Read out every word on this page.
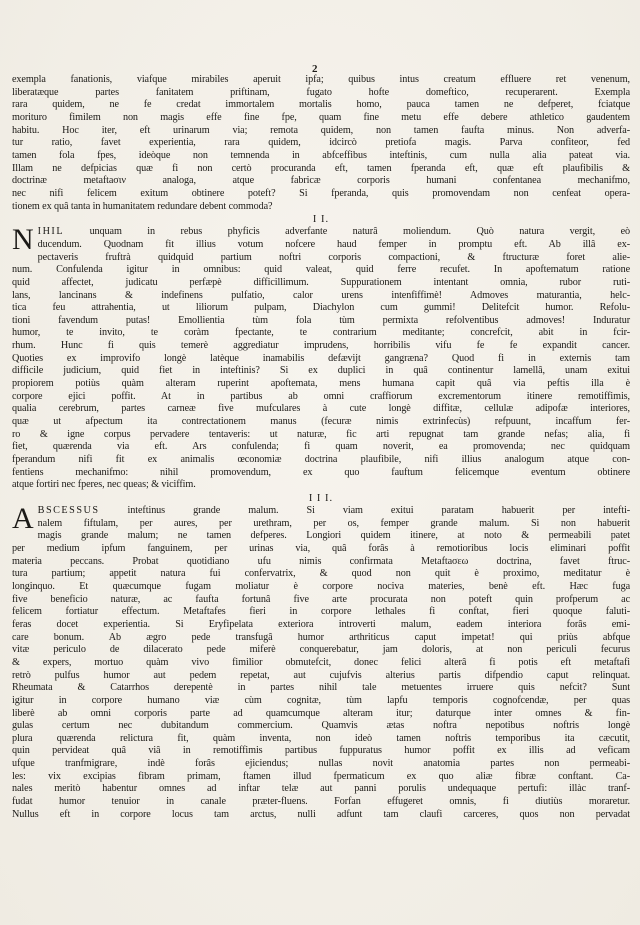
2

exempla fanationis, viafque mirabiles aperuit ipfa; quibus intus creatum effluere ret venenum,

liberatæque partes fanitatem priftinam, fugato hofte domeftico, recuperarent. Exempla

rara quidem, ne fe credat immortalem mortalis homo, pauca tamen ne defperet, fciatque

morituro fimilem non magis effe fine fpe, quam fine metu effe debere athletico gaudentem

habitu. Hoc iter, eft urinarum via; remota quidem, non tamen faufta minus. Non adverfa-

tur ratio, favet experientia, rara quidem, idcircò pretiofa magis. Parva confiteor, fed

tamen fola fpes, ideòque non temnenda in abfceffibus inteftinis, cum nulla alia pateat via.

Illam ne defpicias quæ fi non certò procuranda eft, tamen fperanda eft, quæ eft plaufibilis &

doctrinæ metaftaσιν analoga, atque fabricæ corporis humani confentanea mechanifmo,

nec nifi felicem exitum obtinere poteft? Si fperanda, quis promovendam non cenfeat opera-

tionem ex quâ tanta in humanitatem redundare debent commoda?

I I.

N IHIL unquam in rebus phyficis adverfante naturâ moliendum. Quò natura vergit, eò

ducendum. Quodnam fit illius votum nofcere haud femper in promptu eft. Ab illâ ex-

pectaveris fruftrà quidquid partium noftri corporis compactioni, & ftructuræ foret alie-

num. Confulenda igitur in omnibus: quid valeat, quid ferre recufet. In apoftematum ratione

quid affectet, judicatu perfæpè difficillimum. Suppurationem intentant omnia, rubor ruti-

lans, lancinans & indefinens pulfatio, calor urens intenfiffimè! Admoves maturantia, helc-

tica feu attrahentia, ut liliorum pulpam, Diachylon cum gummi! Delitefcit humor. Refolu-

tioni favendum putas! Emollientia tùm fola tùm permixta refolventibus admoves! Induratur

humor, te invito, te coràm fpectante, te contrarium meditante; concrefcit, abit in fcir-

rhum. Hunc fi quis temerè aggrediatur imprudens, horribilis vifu fe fe expandit cancer.

Quoties ex improvifo longè latèque inamabilis defævijt gangræna? Quod fi in externis tam

difficile judicium, quid fiet in inteftinis? Si ex duplici in quâ continentur lamellâ, unam exitui

propiorem potiùs quàm alteram ruperint apoftemata, mens humana capit quâ via peftis illa è

corpore ejici poffit. At in partibus ab omni craffiorum excrementorum itinere remotiffimis,

qualia cerebrum, partes carneæ five mufculares à cute longè diffitæ, cellulæ adipofæ interiores,

quæ ut afpectum ita contrectationem manus (fecuræ nimis extrinfecùs) refpuunt, incaffum fer-

ro & igne corpus pervadere tentaveris: ut naturæ, fic arti repugnat tam grande nefas; alia, fi

fiet, quærenda via eft. Ars confulenda; fi quam noverit, ea promovenda; nec quidquam

fperandum nifi fit ex animalis œconomiæ doctrina plaufibile, nifi illius analogum atque con-

fentiens mechanifmo: nihil promovendum, ex quo fauftum felicemque eventum obtinere

atque fortiri nec fperes, nec queas; & viciffim.

I I I.

A BSCESSUS inteftinus grande malum. Si viam exitui paratam habuerit per intefti-

nalem fiftulam, per aures, per urethram, per os, femper grande malum. Si non habuerit

magis grande malum; ne tamen defperes. Longiori quidem itinere, at noto & permeabili patet

per medium ipfum fanguinem, per urinas via, quâ forâs à remotioribus locis eliminari poffit

materia peccans. Probat quotidiano ufu nimis confirmata Metaftaσεω doctrina, favet ftruc-

tura partium; appetit natura fui confervatrix, & quod non quit è proximo, meditatur è

longinquo. Et quæcumque fugam moliatur è corpore nociva materies, benè eft. Hæc fuga

five beneficio naturæ, ac faufta fortunâ five arte procurata non poteft quin profperum ac

felicem fortiatur effectum. Metaftafes fieri in corpore lethales fi conftat, fieri quoque faluti-

feras docet experientia. Si Eryfipelata exteriora introverti malum, eadem interiora forâs emi-

care bonum. Ab ægro pede transfugâ humor arthriticus caput impetat! qui priùs abfque

vitæ periculo de dilacerato pede miferè conquerebatur, jam doloris, at non periculi fecurus

& expers, mortuo quàm vivo fimilior obmutefcit, donec felici alterâ fi potis eft metaftafi

retrò pulfus humor aut pedem repetat, aut cujufvis alterius partis difpendio caput relinquat.

Rheumata & Catarrhos derepentè in partes nihil tale metuentes irruere quis nefcit? Sunt

igitur in corpore humano viæ cùm cognitæ, tùm lapfu temporis cognofcendæ, per quas

liberè ab omni corporis parte ad quamcumque alteram itur; daturque inter omnes & fin-

gulas certum nec dubitandum commercium. Quamvis ætas noftra nepotibus noftris longè

plura quærenda relictura fit, quàm inventa, non ideò tamen noftris temporibus ita cæcutit,

quin pervideat quâ viâ in remotiffimis partibus fuppuratus humor poffit ex illis ad veficam

ufque tranfmigrare, indè forâs ejiciendus; nullas novit anatomia partes non permeabi-

les: vix excipias fibram primam, ftamen illud fpermaticum ex quo aliæ fibræ conftant. Ca-

nales meritò habentur omnes ad inftar telæ aut panni porulis undequaque pertufi: illàc tranf-

fudat humor tenuior in canale præter-fluens. Forfan effugeret omnis, fi diutiùs moraretur.

Nullus eft in corpore locus tam arctus, nulli adfunt tam claufi carceres, quos non pervadat
